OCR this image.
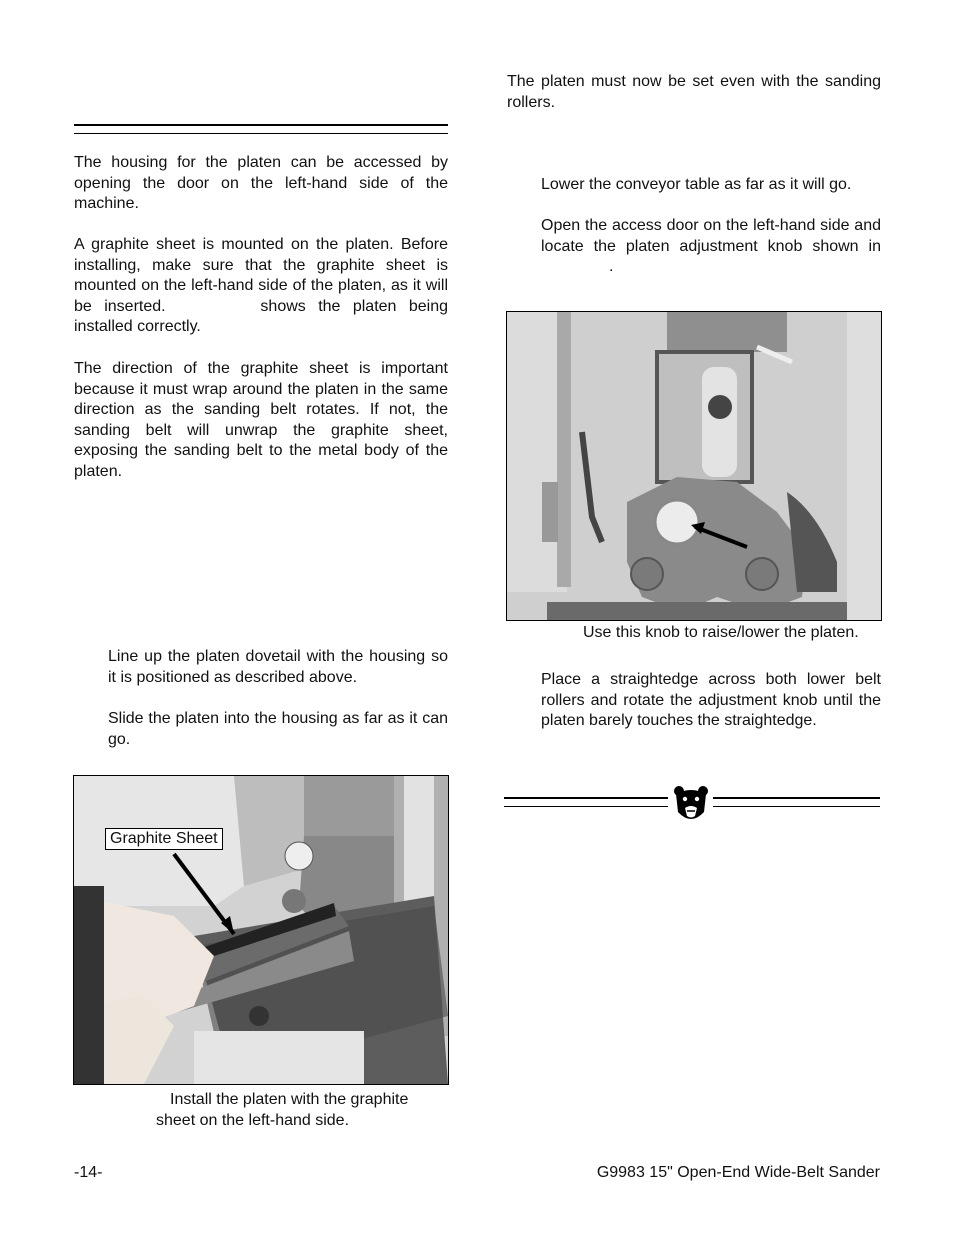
The housing for the platen can be accessed by opening the door on the left-hand side of the machine.
A graphite sheet is mounted on the platen. Before installing, make sure that the graphite sheet is mounted on the left-hand side of the platen, as it will be inserted.	shows the platen being installed correctly.
The direction of the graphite sheet is important because it must wrap around the platen in the same direction as the sanding belt rotates. If not, the sanding belt will unwrap the graphite sheet, exposing the sanding belt to the metal body of the platen.
Line up the platen dovetail with the housing so it is positioned as described above.
Slide the platen into the housing as far as it can go.
Graphite Sheet
Install the platen with the graphite
sheet on the left-hand side.
The platen must now be set even with the sanding rollers.
Lower the conveyor table as far as it will go.
Open the access door on the left-hand side and locate the platen adjustment knob shown in .
Use this knob to raise/lower the platen.
Place a straightedge across both lower belt rollers and rotate the adjustment knob until the platen barely touches the straightedge.
-14-	G9983 15" Open-End Wide-Belt Sander
